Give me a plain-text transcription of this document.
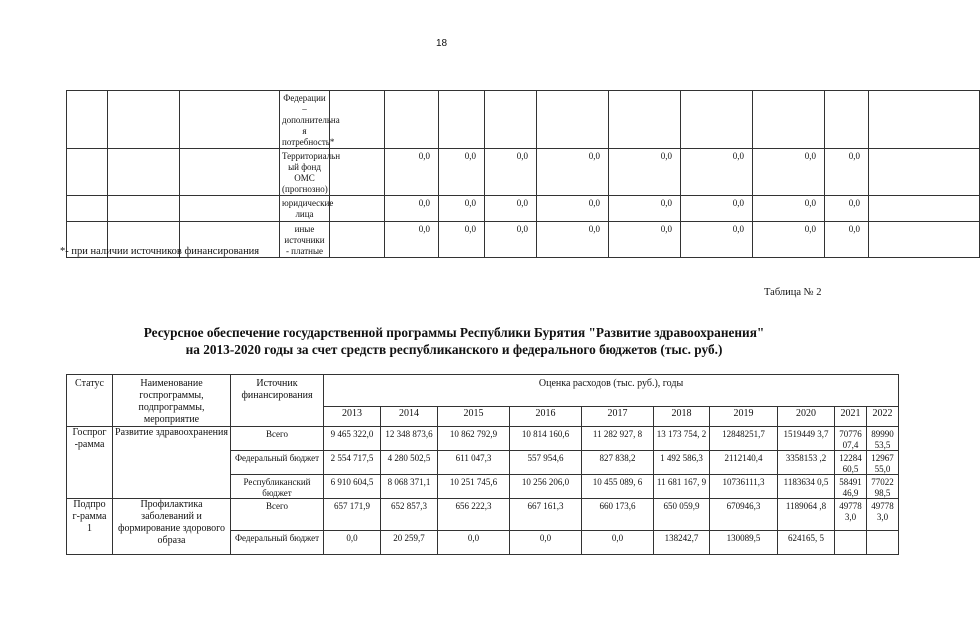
18
			Федерации – дополнительна я потребность*											
			Территориальн ый фонд ОМС (прогнозно)		0,0	0,0	0,0	0,0	0,0	0,0	0,0	0,0		
			юридические лица		0,0	0,0	0,0	0,0	0,0	0,0	0,0	0,0		
			иные источники - платные		0,0	0,0	0,0	0,0	0,0	0,0	0,0	0,0		
*- при наличии источников финансирования
Таблица № 2
Ресурсное обеспечение государственной программы Республики Бурятия "Развитие здравоохранения"
на 2013-2020 годы за счет средств республиканского и федерального бюджетов (тыс. руб.)
Статус	Наименование госпрограммы, подпрограммы, мероприятие	Источник финансирования	Оценка расходов (тыс. руб.), годы									
			2013	2014	2015	2016	2017	2018	2019	2020	2021	2022
Госпрог -рамма	Развитие здравоохранения	Всего	9 465 322,0	12 348 873,6	10 862 792,9	10 814 160,6	11 282 927, 8	13 173 754, 2	12848251,7	1519449 3,7	70776 07,4	89990 53,5
		Федеральный бюджет	2 554 717,5	4 280 502,5	611 047,3	557 954,6	827 838,2	1 492 586,3	2112140,4	3358153 ,2	12284 60,5	12967 55,0
		Республиканский бюджет	6 910 604,5	8 068 371,1	10 251 745,6	10 256 206,0	10 455 089, 6	11 681 167, 9	10736111,3	1183634 0,5	58491 46,9	77022 98,5
Подпро г-рамма 1	Профилактика заболеваний и формирование здорового образа	Всего	657 171,9	652 857,3	656 222,3	667 161,3	660 173,6	650 059,9	670946,3	1189064 ,8	49778 3,0	49778 3,0
		Федеральный бюджет	0,0	20 259,7	0,0	0,0	0,0	138242,7	130089,5	624165, 5		
